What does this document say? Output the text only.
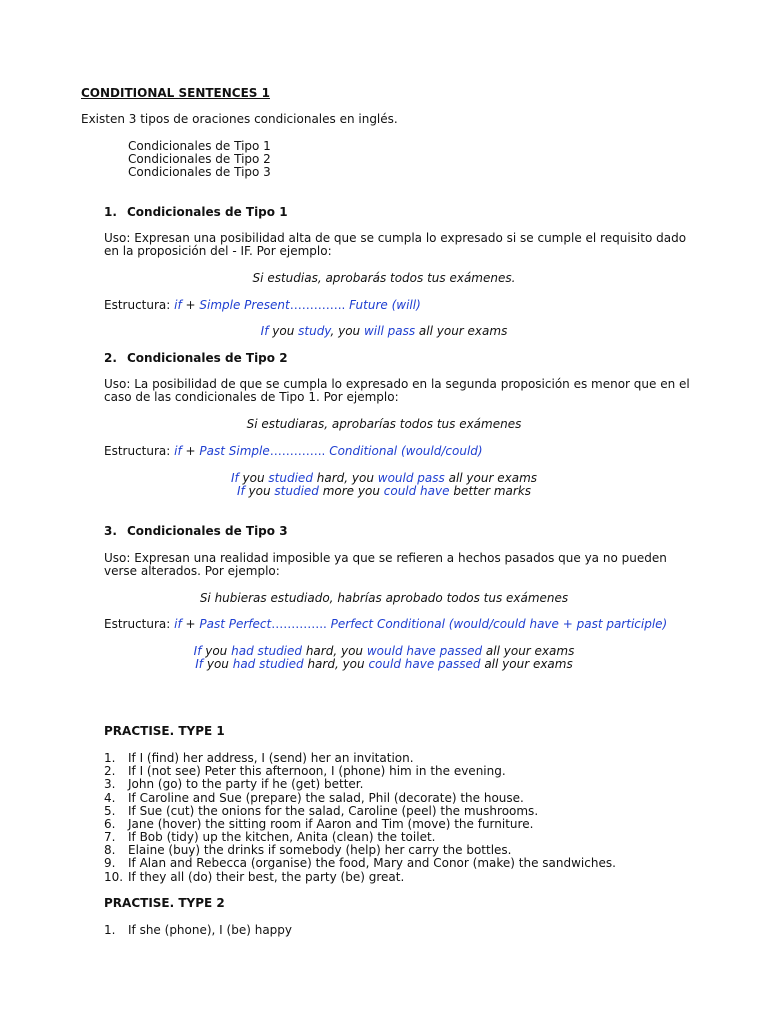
CONDITIONAL SENTENCES 1
Existen 3 tipos de oraciones condicionales en inglés.
Condicionales de Tipo 1
Condicionales de Tipo 2
Condicionales de Tipo 3
1. Condicionales de Tipo 1
Uso: Expresan una posibilidad alta de que se cumpla lo expresado si se cumple el requisito dado
en la proposición del - IF. Por ejemplo:
Si estudias, aprobarás todos tus exámenes.
Estructura: if + Simple Present………….. Future (will)
If you study, you will pass all your exams
2. Condicionales de Tipo 2
Uso: La posibilidad de que se cumpla lo expresado en la segunda proposición es menor que en el
caso de las condicionales de Tipo 1. Por ejemplo:
Si estudiaras, aprobarías todos tus exámenes
Estructura: if + Past Simple………….. Conditional (would/could)
If you studied hard, you would pass all your exams
If you studied more you could have better marks
3. Condicionales de Tipo 3
Uso: Expresan una realidad imposible ya que se refieren a hechos pasados que ya no pueden
verse alterados. Por ejemplo:
Si hubieras estudiado, habrías aprobado todos tus exámenes
Estructura: if + Past Perfect………….. Perfect Conditional (would/could have + past participle)
If you had studied hard, you would have passed all your exams
If you had studied hard, you could have passed all your exams
PRACTISE. TYPE 1
1. If I (find) her address, I (send) her an invitation.
2. If I (not see) Peter this afternoon, I (phone) him in the evening.
3. John (go) to the party if he (get) better.
4. If Caroline and Sue (prepare) the salad, Phil (decorate) the house.
5. If Sue (cut) the onions for the salad, Caroline (peel) the mushrooms.
6. Jane (hover) the sitting room if Aaron and Tim (move) the furniture.
7. If Bob (tidy) up the kitchen, Anita (clean) the toilet.
8. Elaine (buy) the drinks if somebody (help) her carry the bottles.
9. If Alan and Rebecca (organise) the food, Mary and Conor (make) the sandwiches.
10. If they all (do) their best, the party (be) great.
PRACTISE. TYPE 2
1. If she (phone), I (be) happy
